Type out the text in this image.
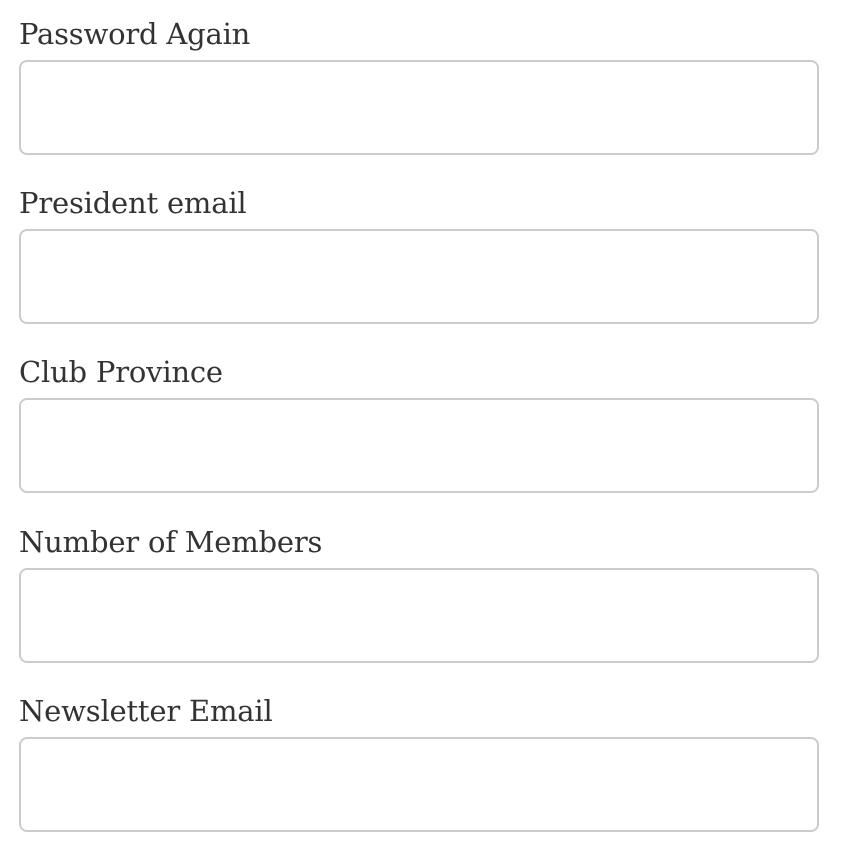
Password Again
President email
Club Province
Number of Members
Newsletter Email
